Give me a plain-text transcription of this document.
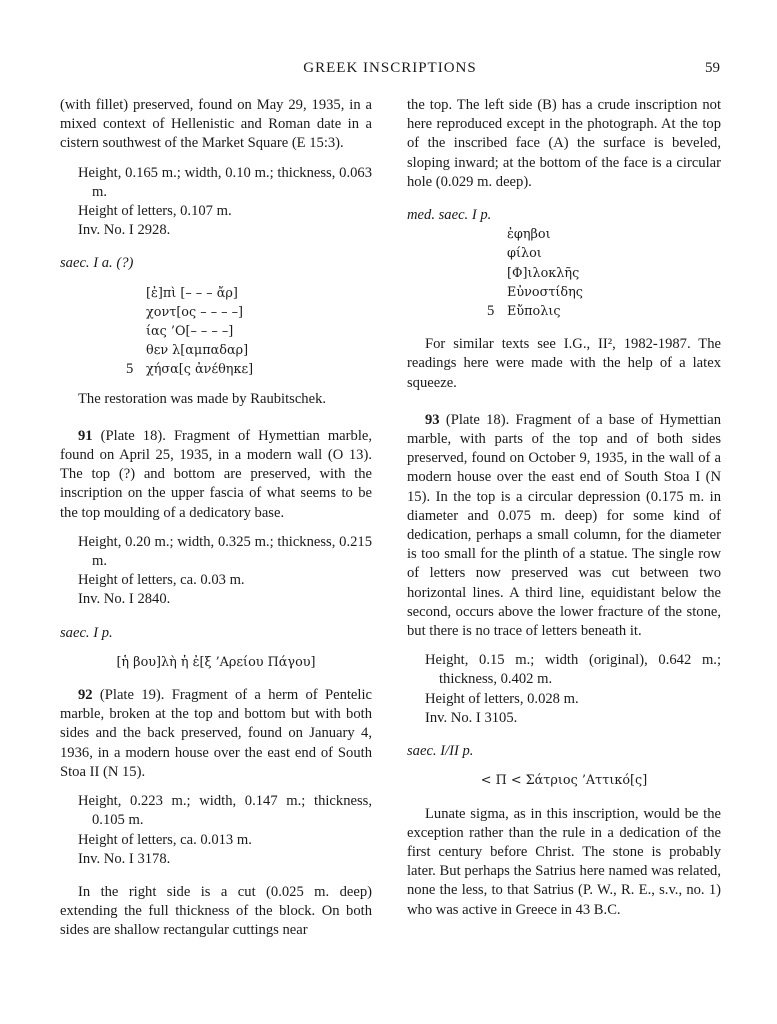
GREEK INSCRIPTIONS	59

(with fillet) preserved, found on May 29, 1935, in a mixed context of Hellenistic and Roman date in a cistern southwest of the Market Square (E 15:3).

Height, 0.165 m.; width, 0.10 m.; thickness, 0.063 m.
Height of letters, 0.107 m.
Inv. No. I 2928.
saec. I a. (?)
[ἐ]πὶ [– – – ἄρ]
χοντ[ος – – – –]
ίας ’Ο[– – – –]
θεν λ[αμπαδαρ]
5 χήσα[ς ἀνέθηκε]

The restoration was made by Raubitschek.

91 (Plate 18). Fragment of Hymettian marble, found on April 25, 1935, in a modern wall (O 13). The top (?) and bottom are preserved, with the inscription on the upper fascia of what seems to be the top moulding of a dedicatory base.

Height, 0.20 m.; width, 0.325 m.; thickness, 0.215 m.
Height of letters, ca. 0.03 m.
Inv. No. I 2840.
saec. I p.
[ἡ βου]λὴ ἡ ἐ[ξ ’Αρείου Πάγου]

92 (Plate 19). Fragment of a herm of Pentelic marble, broken at the top and bottom but with both sides and the back preserved, found on January 4, 1936, in a modern house over the east end of South Stoa II (N 15).

Height, 0.223 m.; width, 0.147 m.; thickness, 0.105 m.
Height of letters, ca. 0.013 m.
Inv. No. I 3178.

In the right side is a cut (0.025 m. deep) extending the full thickness of the block. On both sides are shallow rectangular cuttings near

the top. The left side (B) has a crude inscription not here reproduced except in the photograph. At the top of the inscribed face (A) the surface is beveled, sloping inward; at the bottom of the face is a circular hole (0.029 m. deep).

med. saec. I p.
ἐφηβοι
φίλοι
[Φ]ιλοκλῆς
Εὐνοστίδης
5 Εὔπολις

For similar texts see I.G., II², 1982-1987. The readings here were made with the help of a latex squeeze.

93 (Plate 18). Fragment of a base of Hymettian marble, with parts of the top and of both sides preserved, found on October 9, 1935, in the wall of a modern house over the east end of South Stoa I (N 15). In the top is a circular depression (0.175 m. in diameter and 0.075 m. deep) for some kind of dedication, perhaps a small column, for the diameter is too small for the plinth of a statue. The single row of letters now preserved was cut between two horizontal lines. A third line, equidistant below the second, occurs above the lower fracture of the stone, but there is no trace of letters beneath it.

Height, 0.15 m.; width (original), 0.642 m.; thickness, 0.402 m.
Height of letters, 0.028 m.
Inv. No. I 3105.
saec. I/II p.
< Π < Σάτριος ’Αττικό[ς]

Lunate sigma, as in this inscription, would be the exception rather than the rule in a dedication of the first century before Christ. The stone is probably later. But perhaps the Satrius here named was related, none the less, to that Satrius (P. W., R. E., s.v., no. 1) who was active in Greece in 43 B.C.
